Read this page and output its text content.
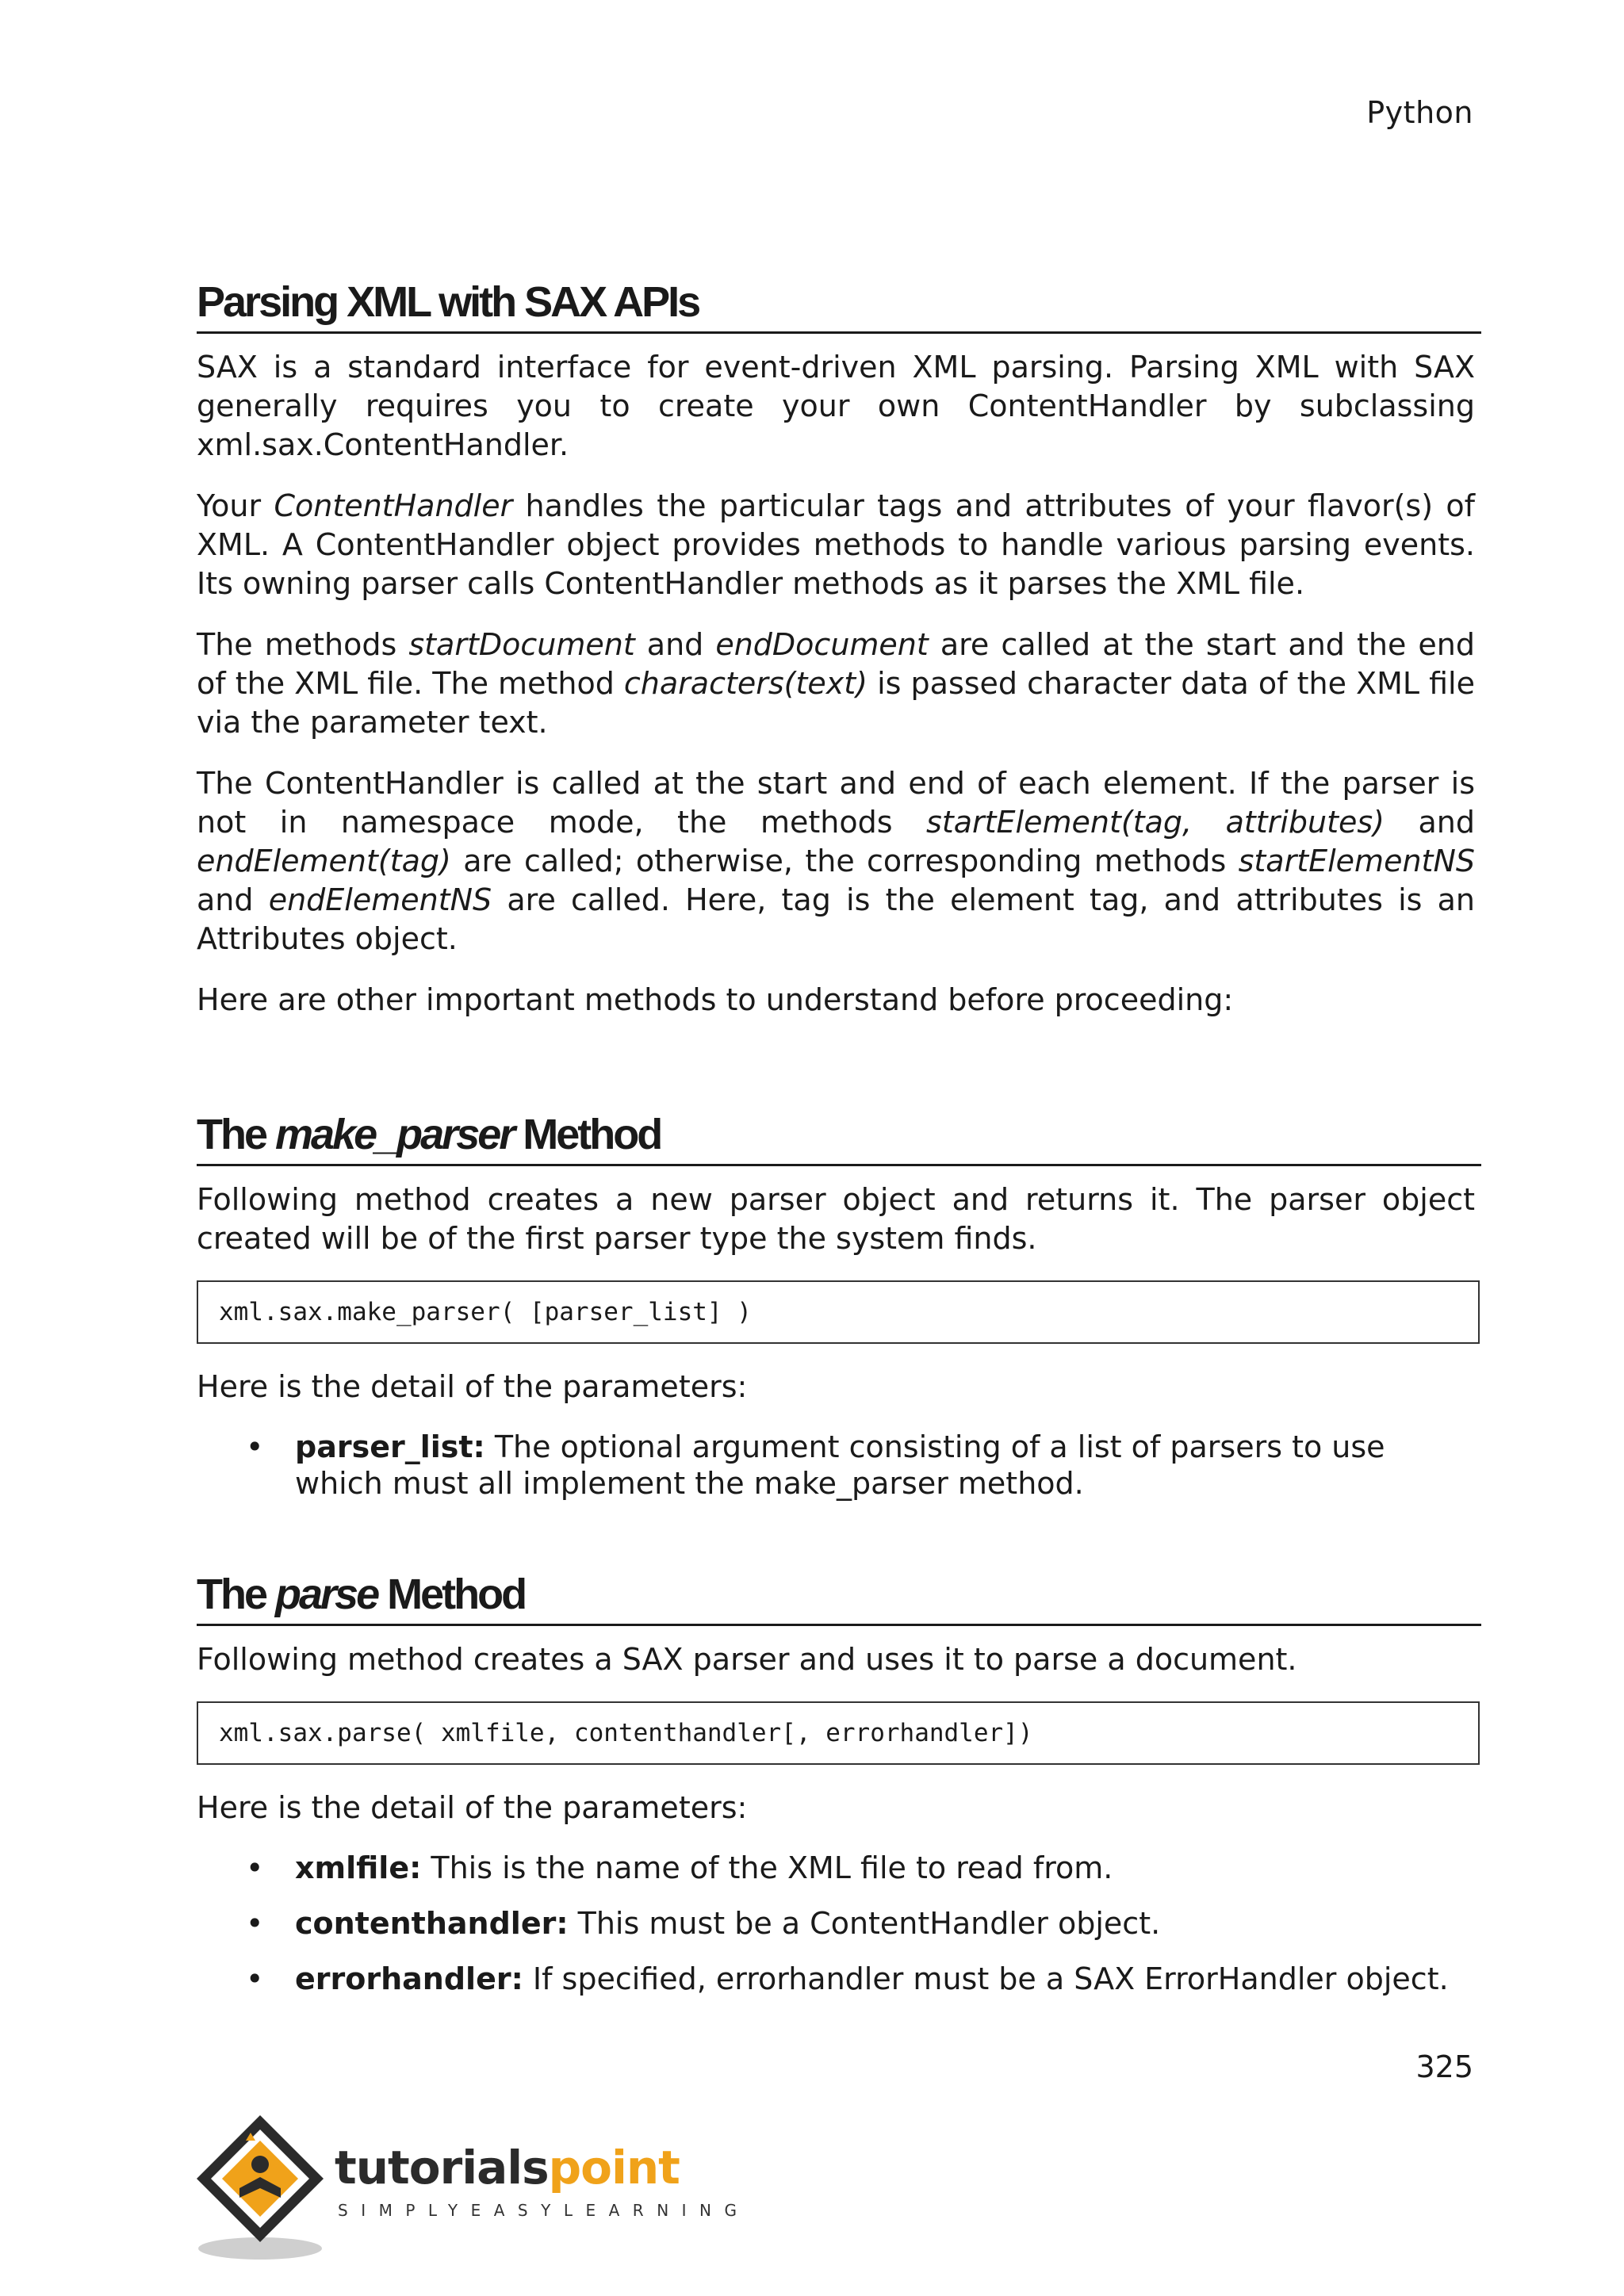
Python
Parsing XML with SAX APIs

SAX is a standard interface for event-driven XML parsing. Parsing XML with SAX generally requires you to create your own ContentHandler by subclassing xml.sax.ContentHandler.

Your ContentHandler handles the particular tags and attributes of your flavor(s) of XML. A ContentHandler object provides methods to handle various parsing events. Its owning parser calls ContentHandler methods as it parses the XML file.

The methods startDocument and endDocument are called at the start and the end of the XML file. The method characters(text) is passed character data of the XML file via the parameter text.

The ContentHandler is called at the start and end of each element. If the parser is not in namespace mode, the methods startElement(tag, attributes) and endElement(tag) are called; otherwise, the corresponding methods startElementNS and endElementNS are called. Here, tag is the element tag, and attributes is an Attributes object.

Here are other important methods to understand before proceeding:

The make_parser Method

Following method creates a new parser object and returns it. The parser object created will be of the first parser type the system finds.

xml.sax.make_parser( [parser_list] )

Here is the detail of the parameters:

• parser_list: The optional argument consisting of a list of parsers to use which must all implement the make_parser method.
The parse Method

Following method creates a SAX parser and uses it to parse a document.

xml.sax.parse( xmlfile, contenthandler[, errorhandler])

Here is the detail of the parameters:

• xmlfile: This is the name of the XML file to read from.
• contenthandler: This must be a ContentHandler object.
• errorhandler: If specified, errorhandler must be a SAX ErrorHandler object.
325
tutorialspoint
SIMPLYEASYLEARNING
